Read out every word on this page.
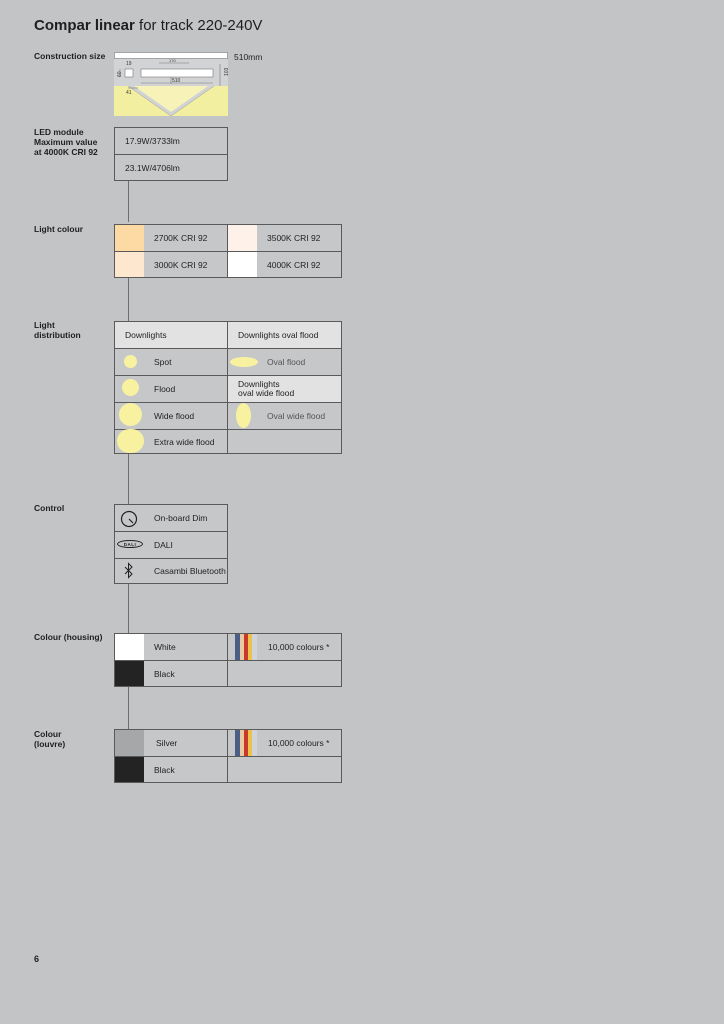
Compar linear for track 220-240V
Construction size
60
19
103
510
41
170	510mm
LED module
Maximum value
at 4000K CRI 92
17.9W/3733lm
23.1W/4706lm
Light colour
2700K CRI 92	3500K CRI 92
3000K CRI 92	4000K CRI 92
Light
distribution	Downlights	Downlights oval flood
Spot	Oval flood
Flood	Downlights
oval wide flood
Wide flood	Oval wide flood
Extra wide flood
Control
On-board Dim
DALI DALI
Casambi Bluetooth
Colour (housing)
White	10,000 colours *
Black
Colour
(louvre)	Silver	10,000 colours *
Black
6
